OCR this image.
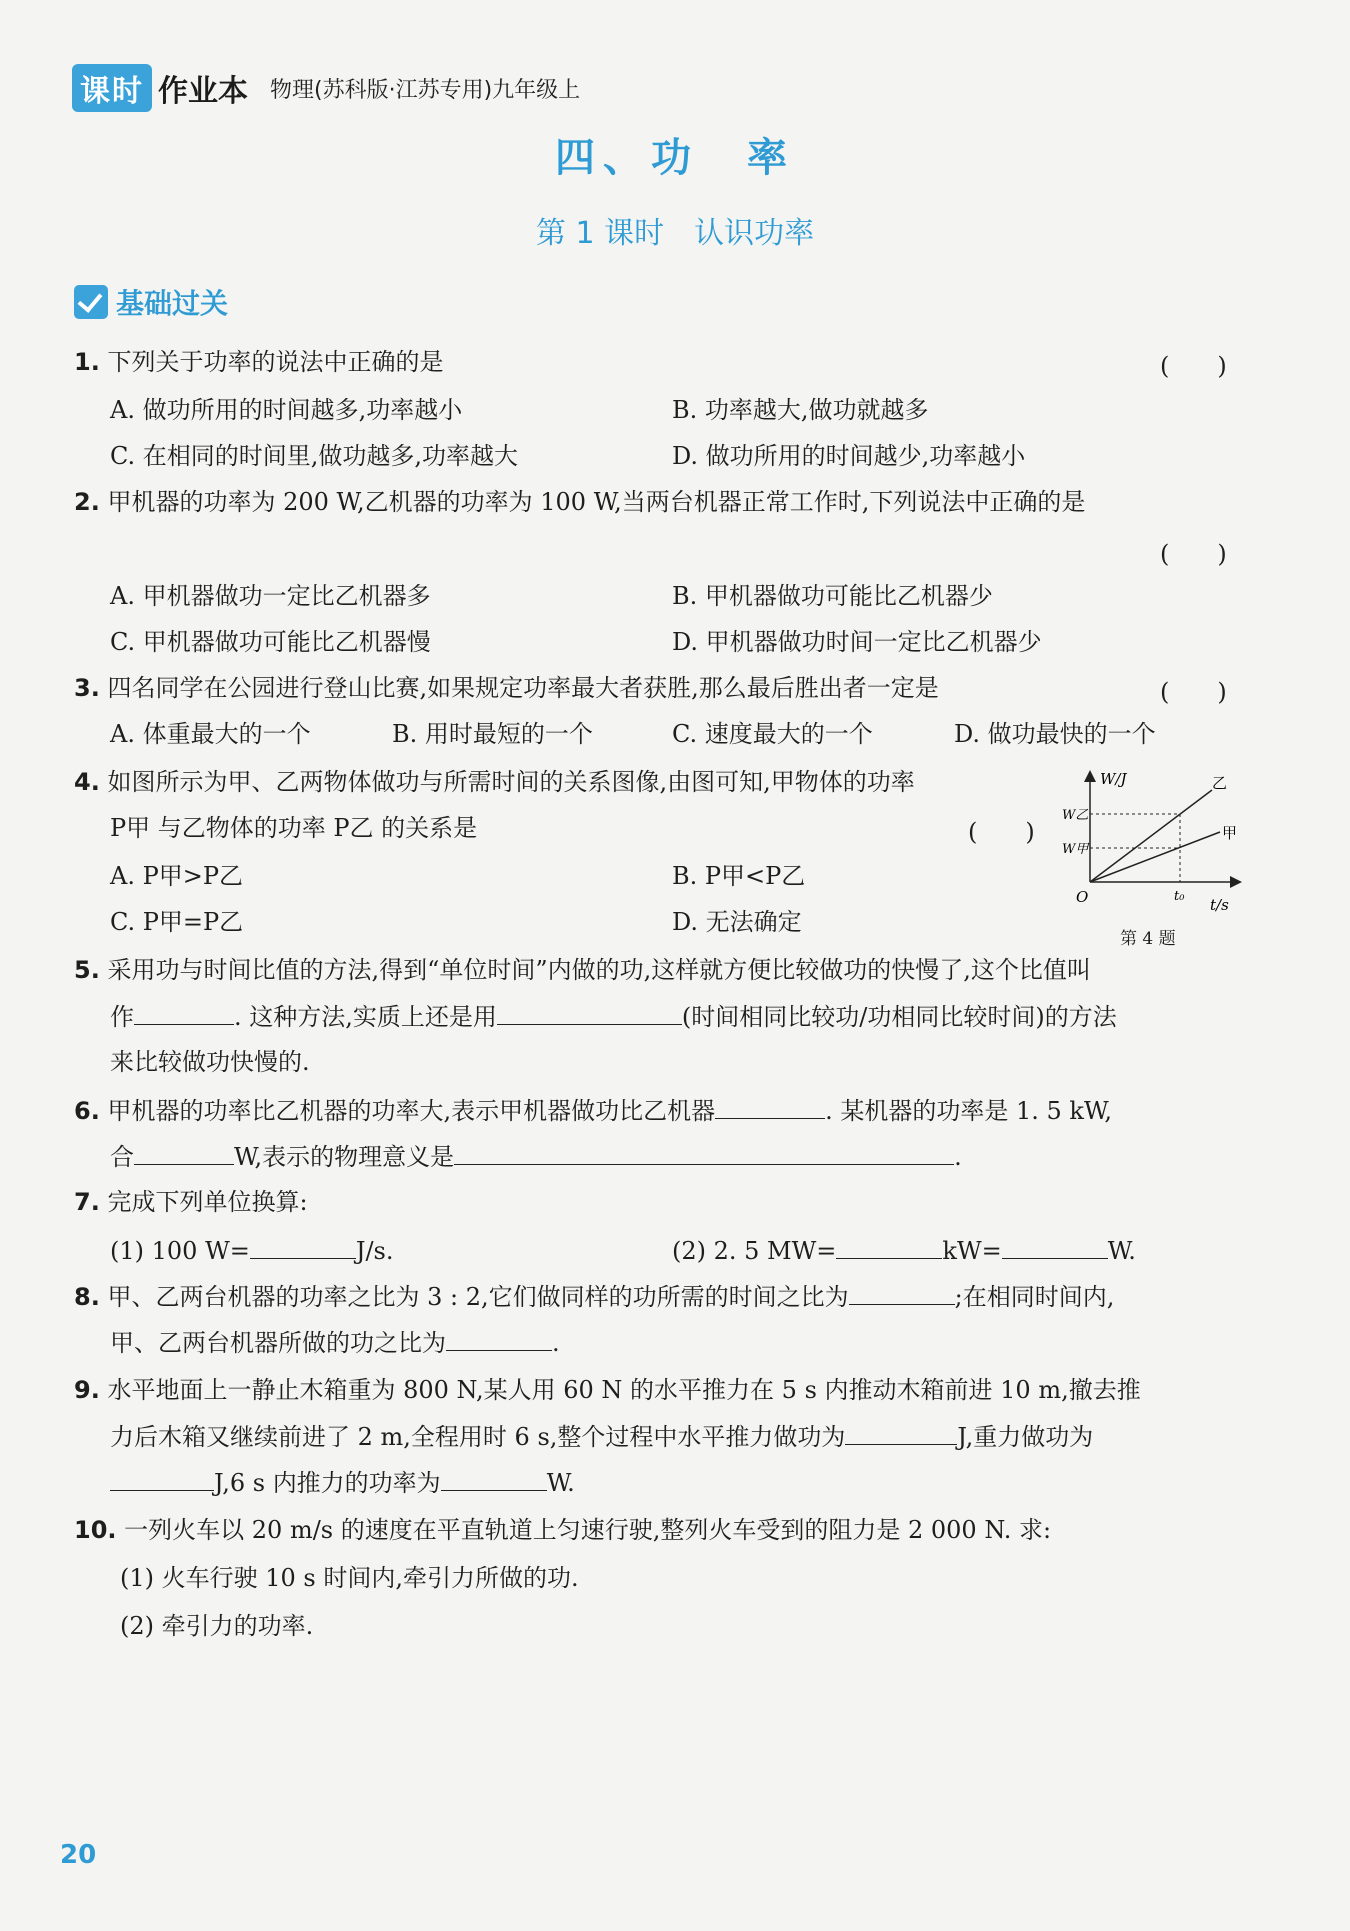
课时 作业本 物理(苏科版·江苏专用)九年级上
四、功　率
第 1 课时　认识功率
基础过关
1. 下列关于功率的说法中正确的是	(　　)
A. 做功所用的时间越多,功率越小	B. 功率越大,做功就越多
C. 在相同的时间里,做功越多,功率越大	D. 做功所用的时间越少,功率越小
2. 甲机器的功率为 200 W,乙机器的功率为 100 W,当两台机器正常工作时,下列说法中正确的是
(　　)
A. 甲机器做功一定比乙机器多	B. 甲机器做功可能比乙机器少
C. 甲机器做功可能比乙机器慢	D. 甲机器做功时间一定比乙机器少
3. 四名同学在公园进行登山比赛,如果规定功率最大者获胜,那么最后胜出者一定是	(　　)
A. 体重最大的一个	B. 用时最短的一个	C. 速度最大的一个	D. 做功最快的一个
4. 如图所示为甲、乙两物体做功与所需时间的关系图像,由图可知,甲物体的功率
P甲 与乙物体的功率 P乙 的关系是	(　　)
A. P甲>P乙	B. P甲<P乙
C. P甲=P乙	D. 无法确定
W/J
t/s
O
W乙
W甲
t₀
乙
甲
第 4 题
5. 采用功与时间比值的方法,得到“单位时间”内做的功,这样就方便比较做功的快慢了,这个比值叫
作	. 这种方法,实质上还是用	(时间相同比较功/功相同比较时间)的方法
来比较做功快慢的.
6. 甲机器的功率比乙机器的功率大,表示甲机器做功比乙机器	. 某机器的功率是 1. 5 kW,
合	W,表示的物理意义是	.
7. 完成下列单位换算:
(1) 100 W=	J/s.	(2) 2. 5 MW=	kW=	W.
8. 甲、乙两台机器的功率之比为 3 : 2,它们做同样的功所需的时间之比为	;在相同时间内,
甲、乙两台机器所做的功之比为	.
9. 水平地面上一静止木箱重为 800 N,某人用 60 N 的水平推力在 5 s 内推动木箱前进 10 m,撤去推
力后木箱又继续前进了 2 m,全程用时 6 s,整个过程中水平推力做功为	J,重力做功为
J,6 s 内推力的功率为	W.
10. 一列火车以 20 m/s 的速度在平直轨道上匀速行驶,整列火车受到的阻力是 2 000 N. 求:
(1) 火车行驶 10 s 时间内,牵引力所做的功.
(2) 牵引力的功率.
20
